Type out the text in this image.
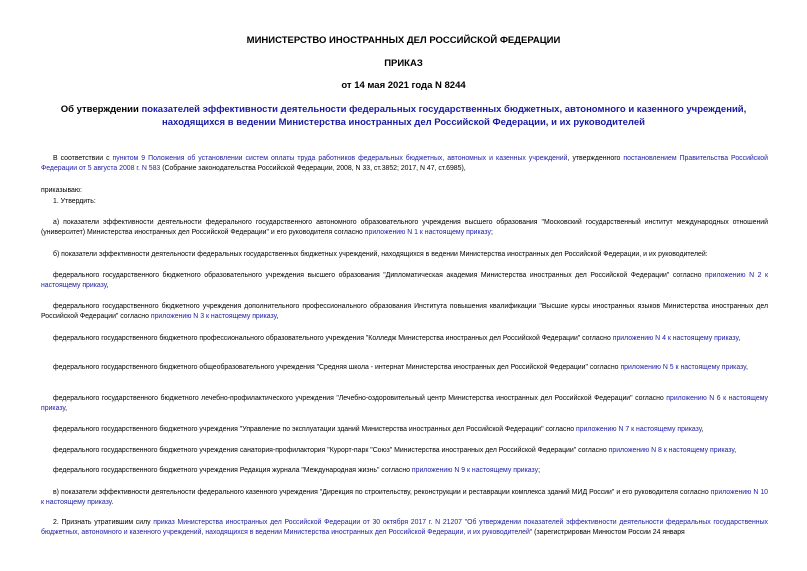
МИНИСТЕРСТВО ИНОСТРАННЫХ ДЕЛ РОССИЙСКОЙ ФЕДЕРАЦИИ
ПРИКАЗ
от 14 мая 2021 года N 8244
Об утверждении показателей эффективности деятельности федеральных государственных бюджетных, автономного и казенного учреждений, находящихся в ведении Министерства иностранных дел Российской Федерации, и их руководителей
В соответствии с пунктом 9 Положения об установлении систем оплаты труда работников федеральных бюджетных, автономных и казенных учреждений, утвержденного постановлением Правительства Российской Федерации от 5 августа 2008 г. N 583 (Собрание законодательства Российской Федерации, 2008, N 33, ст.3852; 2017, N 47, ст.6985),
приказываю:
1. Утвердить:
а) показатели эффективности деятельности федерального государственного автономного образовательного учреждения высшего образования "Московский государственный институт международных отношений (университет) Министерства иностранных дел Российской Федерации" и его руководителя согласно приложению N 1 к настоящему приказу;
б) показатели эффективности деятельности федеральных государственных бюджетных учреждений, находящихся в ведении Министерства иностранных дел Российской Федерации, и их руководителей:
федерального государственного бюджетного образовательного учреждения высшего образования "Дипломатическая академия Министерства иностранных дел Российской Федерации" согласно приложению N 2 к настоящему приказу,
федерального государственного бюджетного учреждения дополнительного профессионального образования Института повышения квалификации "Высшие курсы иностранных языков Министерства иностранных дел Российской Федерации" согласно приложению N 3 к настоящему приказу,
федерального государственного бюджетного профессионального образовательного учреждения "Колледж Министерства иностранных дел Российской Федерации" согласно приложению N 4 к настоящему приказу,
федерального государственного бюджетного общеобразовательного учреждения "Средняя школа - интернат Министерства иностранных дел Российской Федерации" согласно приложению N 5 к настоящему приказу,
федерального государственного бюджетного лечебно-профилактического учреждения "Лечебно-оздоровительный центр Министерства иностранных дел Российской Федерации" согласно приложению N 6 к настоящему приказу,
федерального государственного бюджетного учреждения "Управление по эксплуатации зданий Министерства иностранных дел Российской Федерации" согласно приложению N 7 к настоящему приказу,
федерального государственного бюджетного учреждения санатория-профилактория "Курорт-парк "Союз" Министерства иностранных дел Российской Федерации" согласно приложению N 8 к настоящему приказу,
федерального государственного бюджетного учреждения Редакция журнала "Международная жизнь" согласно приложению N 9 к настоящему приказу;
в) показатели эффективности деятельности федерального казенного учреждения "Дирекция по строительству, реконструкции и реставрации комплекса зданий МИД России" и его руководителя согласно приложению N 10 к настоящему приказу.
2. Признать утратившим силу приказ Министерства иностранных дел Российской Федерации от 30 октября 2017 г. N 21207 "Об утверждении показателей эффективности деятельности федеральных государственных бюджетных, автономного и казенного учреждений, находящихся в ведении Министерства иностранных дел Российской Федерации, и их руководителей" (зарегистрирован Минюстом России 24 января
